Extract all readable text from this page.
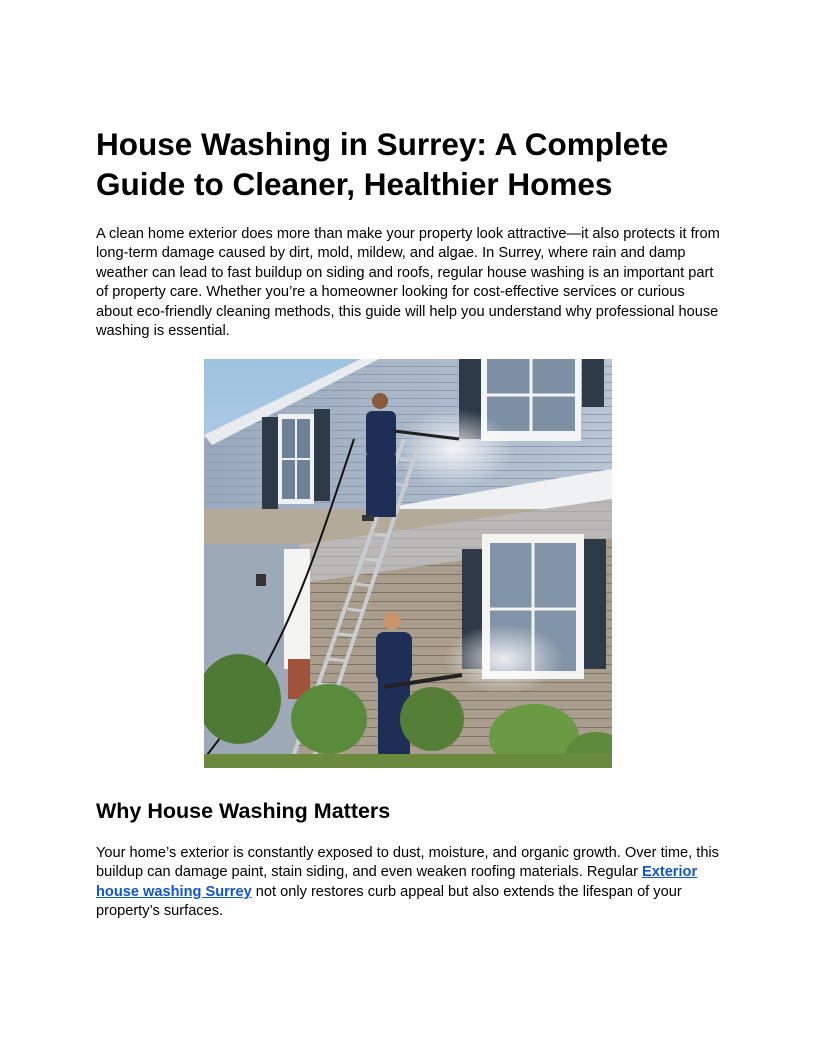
House Washing in Surrey: A Complete Guide to Cleaner, Healthier Homes

A clean home exterior does more than make your property look attractive—it also protects it from long-term damage caused by dirt, mold, mildew, and algae. In Surrey, where rain and damp weather can lead to fast buildup on siding and roofs, regular house washing is an important part of property care. Whether you’re a homeowner looking for cost-effective services or curious about eco-friendly cleaning methods, this guide will help you understand why professional house washing is essential.

Why House Washing Matters

Your home’s exterior is constantly exposed to dust, moisture, and organic growth. Over time, this buildup can damage paint, stain siding, and even weaken roofing materials. Regular Exterior house washing Surrey not only restores curb appeal but also extends the lifespan of your property’s surfaces.
